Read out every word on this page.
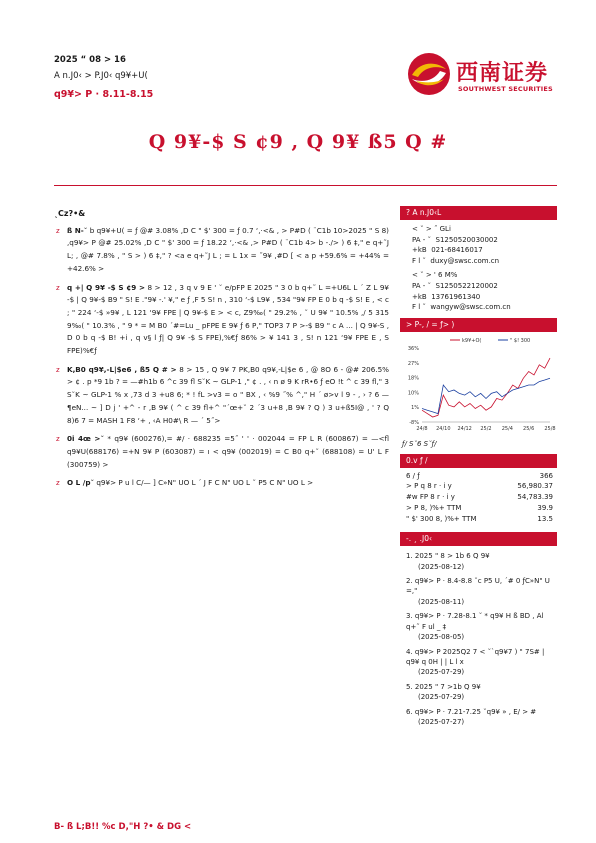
2025 “ 08 > 16
A n.J0‹ > P.J0‹ q9¥+U(
q9¥> P · 8.11-8.15
西南证券
SOUTHWEST SECURITIES
Q 9¥-$ S ¢9 , Q 9¥ ß5 Q #
˛Cz?•&
z ß N-˘ b q9¥+U( = ƒ @# 3.08% ,D C " $' 300 = ƒ 0.7 ‘,·<& , > P#D ( ¨C1b 10>2025 " S 8) ,q9¥> P @# 25.02% ,D C " $' 300 = ƒ 18.22 ‘,·<& ,> P#D ( ¨C1b 4> b -./> ) 6 ‡," e q+˜J L; , @# 7.8% , " S > ) 6 ‡," ? <a e q+˜J L ; = L 1x = ˝9¥ ,#D [ < a p +59.6% = +44% = +42.6% >
z q +| Q 9¥ -$ S ¢9 > 8 > 12 , 3 q v 9 E ' ˘ e/pFP E 2025 " 3 0 b q+˜ L =+U6L L ´ Z L 9¥ -$ | Q 9¥-$ B9 " S! E ."9¥ -.' ¥," e ƒ ,F 5 S! n , 310 ‘-$ L9¥ , 534 "9¥ FP E 0 b q -$ S! E , < c ; " 224 ‘-$ »9¥ , L 121 ‘9¥ FPE | Q 9¥-$ E > < c, Z9‰( " 29.2% , ˘ U 9¥ " 10.5% ,/ 5 315 9‰( " 10.3% , " 9 * = M B0 ´#=Lu _ pFPE E 9¥ ƒ 6 P," TOP3 7 P >-$ B9 " c A ... | Q 9¥-S , D 0 b q -$ B! +i , q v§ l ƒ| Q 9¥ -$ S FPE),%€ƒ 86% > ¥ 141 3 , S! n 121 ‘9¥ FPE E , S FPE)%€ƒ
z K,B0 q9¥,-L|$e6 , ß5 Q # > 8 > 15 , Q 9¥ 7 PK,B0 q9¥,-L|$e 6 , @ 8O 6 - @# 206.5% > ¢ . p *9 1b ? = —#h1b 6 ^c 39 fl S˘K ~ GLP-1 ," ¢ . , ‹ n ø 9 K rR•6 ƒ eO !t ^ c 39 fl," 3 S˘K ~ GLP-1 % x ,73 d 3 +u8 6; * ! fL >v3 = o " BX , ‹ %9 ˝% ^," H ´ ø>v l 9 - , › ? 6 —¶eN... ~ ] D j ' +^ - r ,B 9¥ ( ^ c 39 fl+^ "´œ+˘ 2 ´3 u+8 ,B 9¥ ? Q ) 3 u+ß5I@ , ' ? Q 8)6 7 = MASH 1 F8 ‘+ , ‹A H0#\ R — ´ 5˝>
z 0i 4œ >˘ * q9¥ (600276),= #/ · 688235 =5˝ ' ' · 002044 = FP L R (600867) = —<fl q9¥U(688176) =+N 9¥ P (603087) = ı < q9¥ (002019) = C B0 q+˘ (688108) = U' L F (300759) >
z O L /p˘ q9¥> P u l C/— ] C»N" UO L ´ J F C N" UO L ˘ P5 C N" UO L >
? A n.J0‹L
< ˘ > ˝ GLi
PA - ˘ S1250520030002
+kB 021-68416017
F l ˘ duxy@swsc.com.cn
< ˘ > ' 6 M%
PA - ˘ S1250522120002
+kB 13761961340
F l ˘ wangyw@swsc.com.cn
> P-, / = ƒ> )
36%
27%
18%
10%
1%
-8%
24/8 24/10 24/12 25/2 25/4 25/6 25/8
k9¥+O(	" $! 300
ƒ/ S˘6 S˘ƒ/
0.v ƒ /
6 / ƒ	366
> P q 8 r · i y	56,980.37
#w FP 8 r · i y	54,783.39
> P 8, )%+ TTM	39.9
" $' 300 8, )%+ TTM	13.5
-. ¸ .J0‹
1. 2025 " 8 > 1b 6 Q 9¥
(2025-08-12)
2. q9¥> P · 8.4-8.8 ˘c P5 U, ´# 0 ƒC»N" U =,"
(2025-08-11)
3. q9¥> P · 7.28-8.1 ˘ * q9¥ H ß BD , Al q+˜ F ul _ ‡
(2025-08-05)
4. q9¥> P 2025Q2 7 < ˘`q9¥7 ) " 7S# | q9¥ q 0H | | L l x
(2025-07-29)
5. 2025 " 7 >1b Q 9¥
(2025-07-29)
6. q9¥> P · 7.21-7.25 ˘q9¥ » , E/ > #
(2025-07-27)
B- ß L;B!! %c D,"H ?• & DG <
